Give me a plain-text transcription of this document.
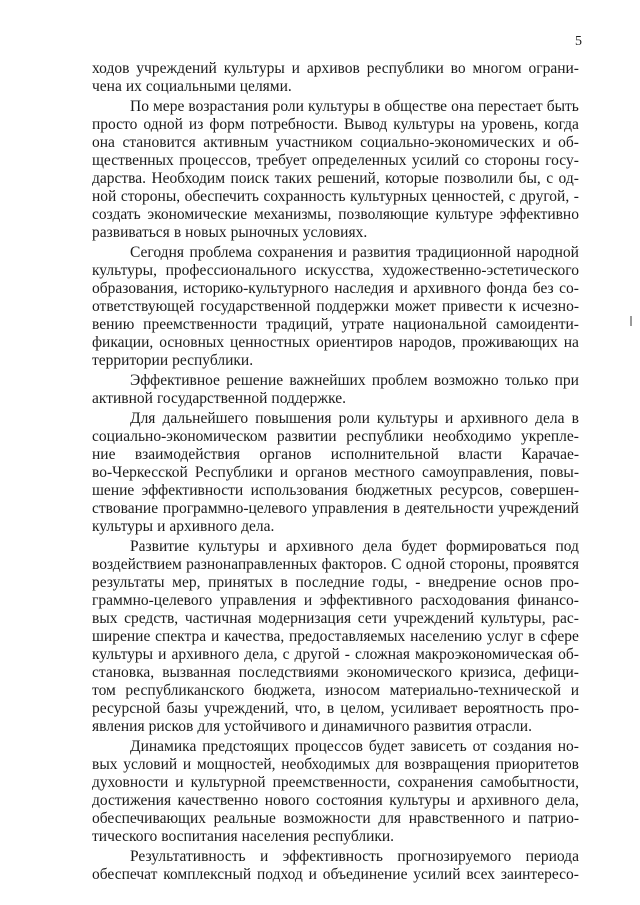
5
ходов учреждений культуры и архивов республики во многом ограни-
чена их социальными целями.
По мере возрастания роли культуры в обществе она перестает быть
просто одной из форм потребности. Вывод культуры на уровень, когда
она становится активным участником социально-экономических и об-
щественных процессов, требует определенных усилий со стороны госу-
дарства. Необходим поиск таких решений, которые позволили бы, с од-
ной стороны, обеспечить сохранность культурных ценностей, с другой, -
создать экономические механизмы, позволяющие культуре эффективно
развиваться в новых рыночных условиях.
Сегодня проблема сохранения и развития традиционной народной
культуры, профессионального искусства, художественно-эстетического
образования, историко-культурного наследия и архивного фонда без со-
ответствующей государственной поддержки может привести к исчезно-
вению преемственности традиций, утрате национальной самоиденти-
фикации, основных ценностных ориентиров народов, проживающих на
территории республики.
Эффективное решение важнейших проблем возможно только при
активной государственной поддержке.
Для дальнейшего повышения роли культуры и архивного дела в
социально-экономическом развитии республики необходимо укрепле-
ние взаимодействия органов исполнительной власти Карачае-
во-Черкесской Республики и органов местного самоуправления, повы-
шение эффективности использования бюджетных ресурсов, совершен-
ствование программно-целевого управления в деятельности учреждений
культуры и архивного дела.
Развитие культуры и архивного дела будет формироваться под
воздействием разнонаправленных факторов. С одной стороны, проявятся
результаты мер, принятых в последние годы, - внедрение основ про-
граммно-целевого управления и эффективного расходования финансо-
вых средств, частичная модернизация сети учреждений культуры, рас-
ширение спектра и качества, предоставляемых населению услуг в сфере
культуры и архивного дела, с другой - сложная макроэкономическая об-
становка, вызванная последствиями экономического кризиса, дефици-
том республиканского бюджета, износом материально-технической и
ресурсной базы учреждений, что, в целом, усиливает вероятность про-
явления рисков для устойчивого и динамичного развития отрасли.
Динамика предстоящих процессов будет зависеть от создания но-
вых условий и мощностей, необходимых для возвращения приоритетов
духовности и культурной преемственности, сохранения самобытности,
достижения качественно нового состояния культуры и архивного дела,
обеспечивающих реальные возможности для нравственного и патрио-
тического воспитания населения республики.
Результативность и эффективность прогнозируемого периода
обеспечат комплексный подход и объединение усилий всех заинтересо-
